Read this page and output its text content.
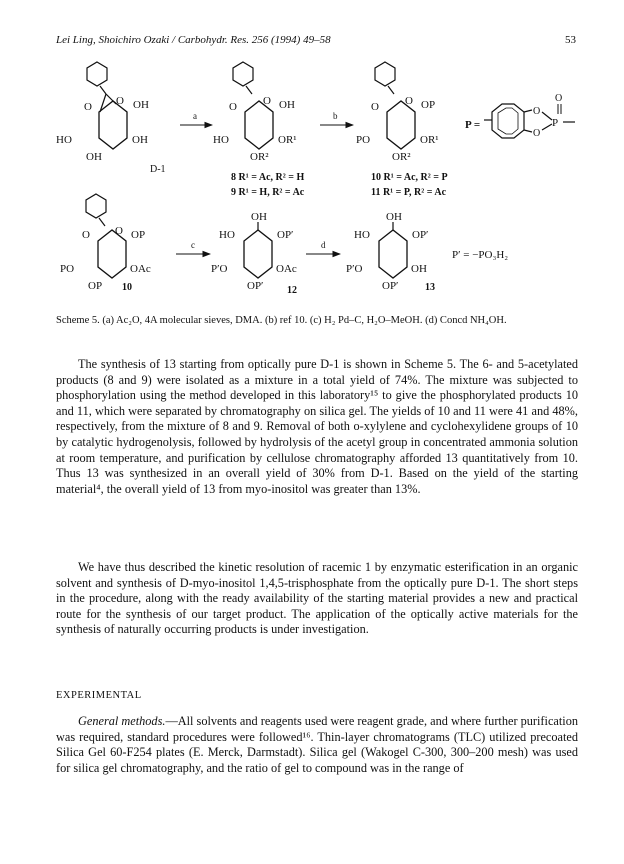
Lei Ling, Shoichiro Ozaki / Carbohydr. Res. 256 (1994) 49–58	53
O O OH
HO	OH
OH
D-1
a
O O OH
HO	OR¹
OR²
8 R¹ = Ac, R² = H
9 R¹ = H, R² = Ac
b
O O OP
PO	OR¹
OR²
10 R¹ = Ac, R² = P
11 R¹ = P, R² = Ac
P =
O
O
P
O
O O OP
PO	OAc
OP 10
c
OH
HO	OP′
P′O	OAc
OP′ 12
d
OH
HO	OP′
P′O	OH
OP′	13
P′ = −PO₃H₂
Scheme 5. (a) Ac₂O, 4A molecular sieves, DMA. (b) ref 10. (c) H₂ Pd–C, H₂O–MeOH. (d) Concd NH₄OH.

The synthesis of 13 starting from optically pure D-1 is shown in Scheme 5. The 6- and 5-acetylated products (8 and 9) were isolated as a mixture in a total yield of 74%. The mixture was subjected to phosphorylation using the method developed in this laboratory¹⁵ to give the phosphorylated products 10 and 11, which were separated by chromatography on silica gel. The yields of 10 and 11 were 41 and 48%, respectively, from the mixture of 8 and 9. Removal of both o-xylylene and cyclohexylidene groups of 10 by catalytic hydrogenolysis, followed by hydrolysis of the acetyl group in concentrated ammonia solution at room temperature, and purification by cellulose chromatography afforded 13 quantitatively from 10. Thus 13 was synthesized in an overall yield of 30% from D-1. Based on the yield of the starting material⁴, the overall yield of 13 from myo-inositol was greater than 13%.

We have thus described the kinetic resolution of racemic 1 by enzymatic esterification in an organic solvent and synthesis of D-myo-inositol 1,4,5-trisphosphate from the optically pure D-1. The short steps in the procedure, along with the ready availability of the starting material provides a new and practical route for the synthesis of our target product. The application of the optically active materials for the synthesis of naturally occurring products is under investigation.

EXPERIMENTAL

General methods.—All solvents and reagents used were reagent grade, and where further purification was required, standard procedures were followed¹⁶. Thin-layer chromatograms (TLC) utilized precoated Silica Gel 60-F254 plates (E. Merck, Darmstadt). Silica gel (Wakogel C-300, 300–200 mesh) was used for silica gel chromatography, and the ratio of gel to compound was in the range of
